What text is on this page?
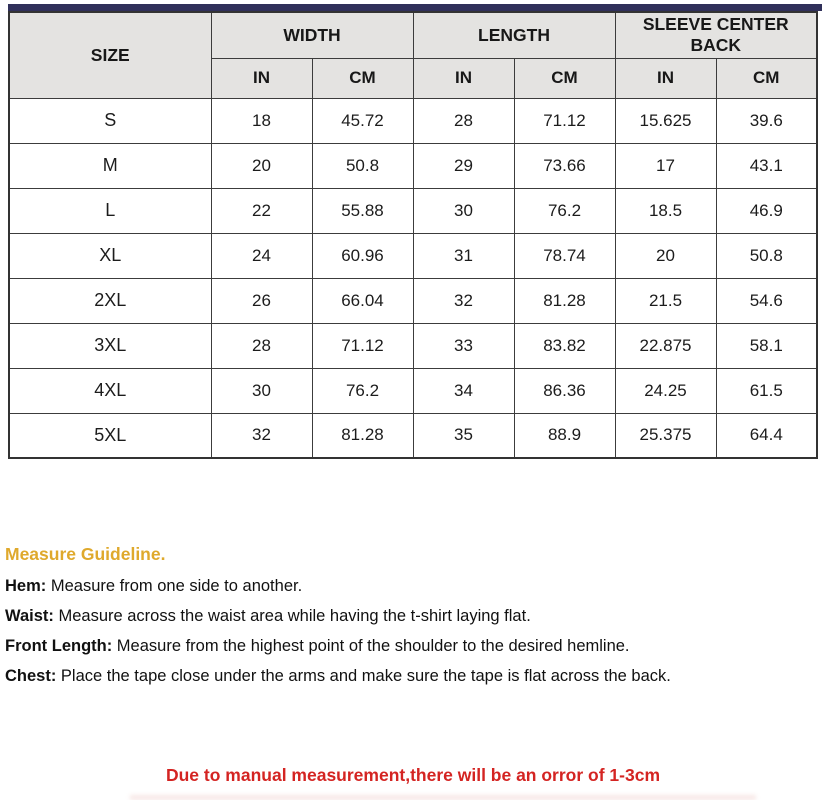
SIZE	WIDTH		LENGTH		SLEEVE CENTER BACK	
	IN	CM	IN	CM	IN	CM
S	18	45.72	28	71.12	15.625	39.6
M	20	50.8	29	73.66	17	43.1
L	22	55.88	30	76.2	18.5	46.9
XL	24	60.96	31	78.74	20	50.8
2XL	26	66.04	32	81.28	21.5	54.6
3XL	28	71.12	33	83.82	22.875	58.1
4XL	30	76.2	34	86.36	24.25	61.5
5XL	32	81.28	35	88.9	25.375	64.4
Measure Guideline.

Hem: Measure from one side to another.

Waist: Measure across the waist area while having the t-shirt laying flat.

Front Length: Measure from the highest point of the shoulder to the desired hemline.

Chest: Place the tape close under the arms and make sure the tape is flat across the back.

Due to manual measurement,there will be an orror of 1-3cm
